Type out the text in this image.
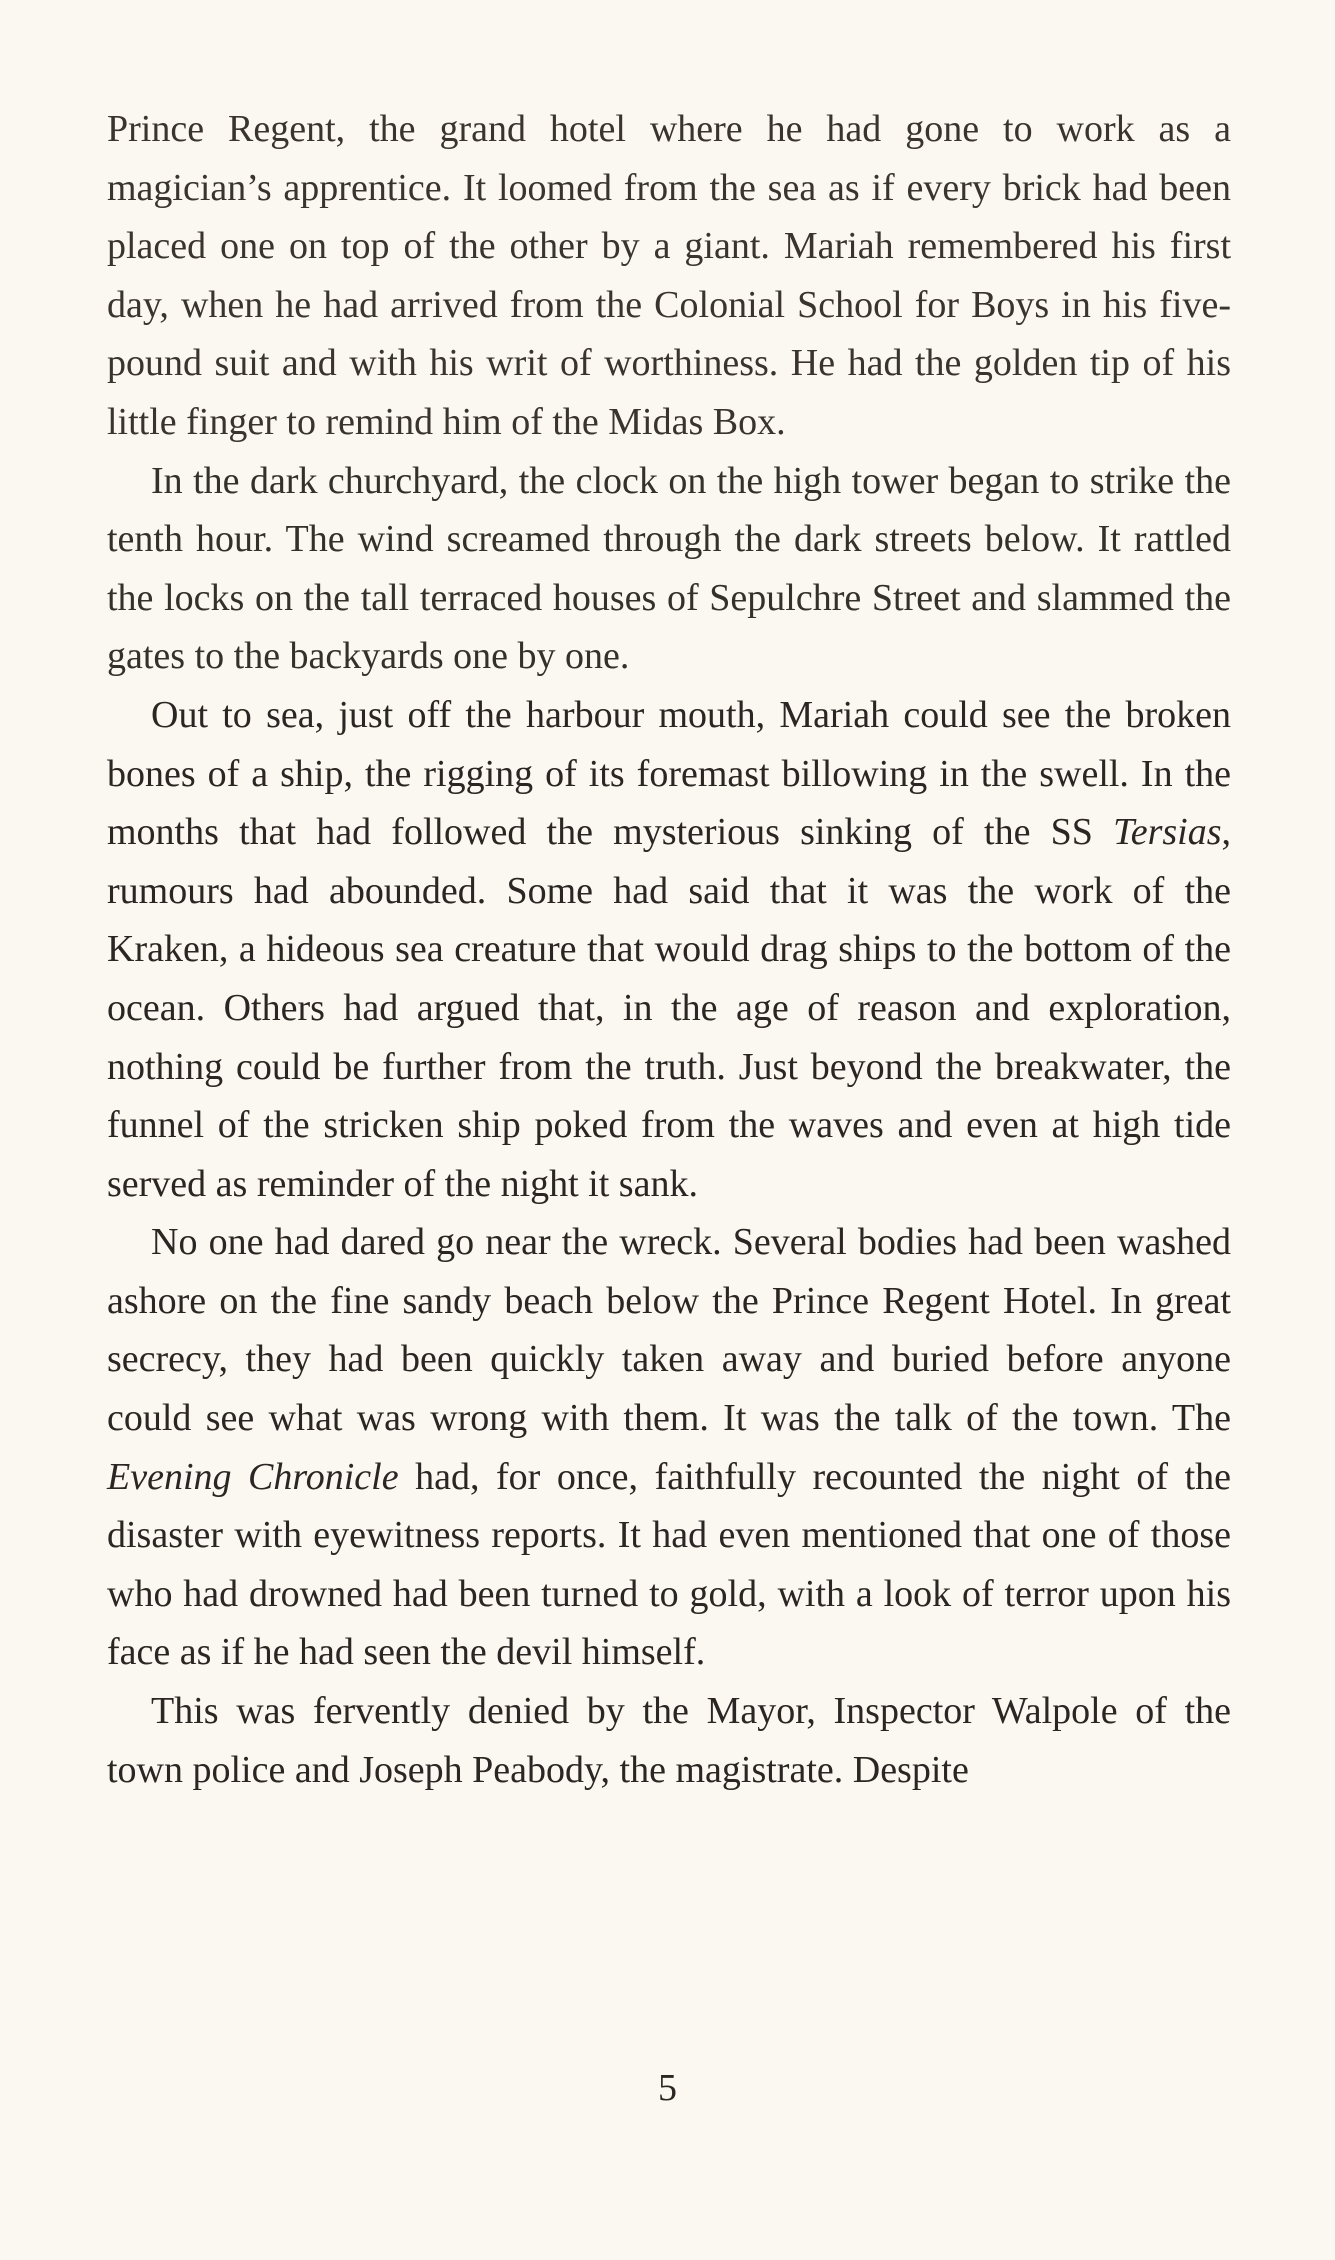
Prince Regent, the grand hotel where he had gone to work as a magician’s apprentice. It loomed from the sea as if every brick had been placed one on top of the other by a giant. Mariah remembered his first day, when he had arrived from the Colonial School for Boys in his five-pound suit and with his writ of worthiness. He had the golden tip of his little finger to remind him of the Midas Box.

In the dark churchyard, the clock on the high tower began to strike the tenth hour. The wind screamed through the dark streets below. It rattled the locks on the tall terraced houses of Sepulchre Street and slammed the gates to the backyards one by one.

Out to sea, just off the harbour mouth, Mariah could see the broken bones of a ship, the rigging of its foremast billowing in the swell. In the months that had followed the mysterious sinking of the SS Tersias, rumours had abounded. Some had said that it was the work of the Kraken, a hideous sea creature that would drag ships to the bottom of the ocean. Others had argued that, in the age of reason and exploration, nothing could be further from the truth. Just beyond the breakwater, the funnel of the stricken ship poked from the waves and even at high tide served as reminder of the night it sank.

No one had dared go near the wreck. Several bodies had been washed ashore on the fine sandy beach below the Prince Regent Hotel. In great secrecy, they had been quickly taken away and buried before anyone could see what was wrong with them. It was the talk of the town. The Evening Chronicle had, for once, faithfully recounted the night of the disaster with eyewitness reports. It had even mentioned that one of those who had drowned had been turned to gold, with a look of terror upon his face as if he had seen the devil himself.

This was fervently denied by the Mayor, Inspector Walpole of the town police and Joseph Peabody, the magistrate. Despite

5
